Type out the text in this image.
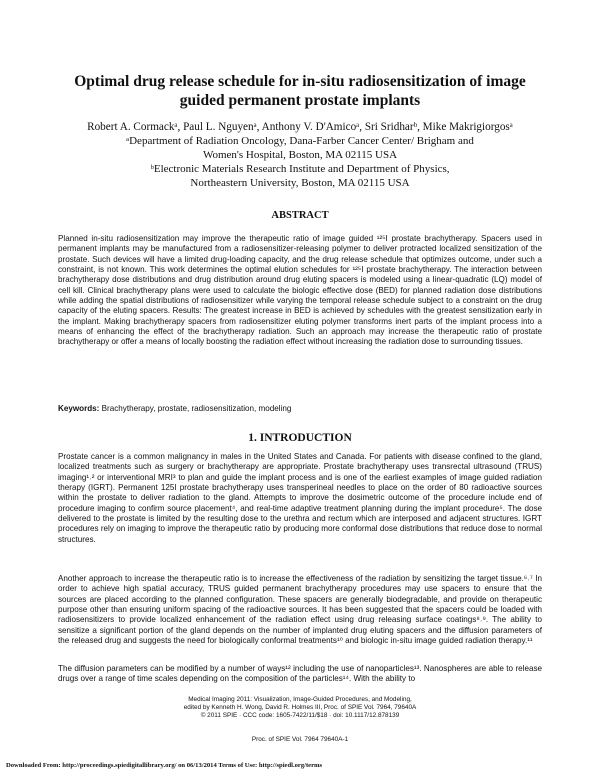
Optimal drug release schedule for in-situ radiosensitization of image
guided permanent prostate implants
Robert A. Cormackᵃ, Paul L. Nguyenᵃ, Anthony V. D'Amicoᵃ, Sri Sridharᵇ, Mike Makrigiorgosᵃ
ᵃDepartment of Radiation Oncology, Dana-Farber Cancer Center/ Brigham and
Women's Hospital, Boston, MA 02115 USA
ᵇElectronic Materials Research Institute and Department of Physics,
Northeastern University, Boston, MA 02115 USA
ABSTRACT

Planned in-situ radiosensitization may improve the therapeutic ratio of image guided ¹²⁵I prostate brachytherapy. Spacers used in permanent implants may be manufactured from a radiosensitizer-releasing polymer to deliver protracted localized sensitization of the prostate. Such devices will have a limited drug-loading capacity, and the drug release schedule that optimizes outcome, under such a constraint, is not known. This work determines the optimal elution schedules for ¹²⁵I prostate brachytherapy. The interaction between brachytherapy dose distributions and drug distribution around drug eluting spacers is modeled using a linear-quadratic (LQ) model of cell kill. Clinical brachytherapy plans were used to calculate the biologic effective dose (BED) for planned radiation dose distributions while adding the spatial distributions of radiosensitizer while varying the temporal release schedule subject to a constraint on the drug capacity of the eluting spacers. Results: The greatest increase in BED is achieved by schedules with the greatest sensitization early in the implant. Making brachytherapy spacers from radiosensitizer eluting polymer transforms inert parts of the implant process into a means of enhancing the effect of the brachytherapy radiation. Such an approach may increase the therapeutic ratio of prostate brachytherapy or offer a means of locally boosting the radiation effect without increasing the radiation dose to surrounding tissues.

Keywords: Brachytherapy, prostate, radiosensitization, modeling
1. INTRODUCTION

Prostate cancer is a common malignancy in males in the United States and Canada. For patients with disease confined to the gland, localized treatments such as surgery or brachytherapy are appropriate. Prostate brachytherapy uses transrectal ultrasound (TRUS) imaging¹˒² or interventional MRI³ to plan and guide the implant process and is one of the earliest examples of image guided radiation therapy (IGRT). Permanent 125I prostate brachytherapy uses transperineal needles to place on the order of 80 radioactive sources within the prostate to deliver radiation to the gland. Attempts to improve the dosimetric outcome of the procedure include end of procedure imaging to confirm source placement⁴, and real-time adaptive treatment planning during the implant procedure⁵. The dose delivered to the prostate is limited by the resulting dose to the urethra and rectum which are interposed and adjacent structures. IGRT procedures rely on imaging to improve the therapeutic ratio by producing more conformal dose distributions that reduce dose to normal structures.

Another approach to increase the therapeutic ratio is to increase the effectiveness of the radiation by sensitizing the target tissue.⁶˒⁷ In order to achieve high spatial accuracy, TRUS guided permanent brachytherapy procedures may use spacers to ensure that the sources are placed according to the planned configuration. These spacers are generally biodegradable, and provide on therapeutic purpose other than ensuring uniform spacing of the radioactive sources. It has been suggested that the spacers could be loaded with radiosensitizers to provide localized enhancement of the radiation effect using drug releasing surface coatings⁸˒⁹. The ability to sensitize a significant portion of the gland depends on the number of implanted drug eluting spacers and the diffusion parameters of the released drug and suggests the need for biologically conformal treatments¹⁰ and biologic in-situ image guided radiation therapy.¹¹

The diffusion parameters can be modified by a number of ways¹² including the use of nanoparticles¹³. Nanospheres are able to release drugs over a range of time scales depending on the composition of the particles¹⁴. With the ability to

Medical Imaging 2011: Visualization, Image-Guided Procedures, and Modeling,
edited by Kenneth H. Wong, David R. Holmes III, Proc. of SPIE Vol. 7964, 79640A
© 2011 SPIE · CCC code: 1605-7422/11/$18 · doi: 10.1117/12.878139
Proc. of SPIE Vol. 7964 79640A-1
Downloaded From: http://proceedings.spiedigitallibrary.org/ on 06/13/2014 Terms of Use: http://spiedl.org/terms
